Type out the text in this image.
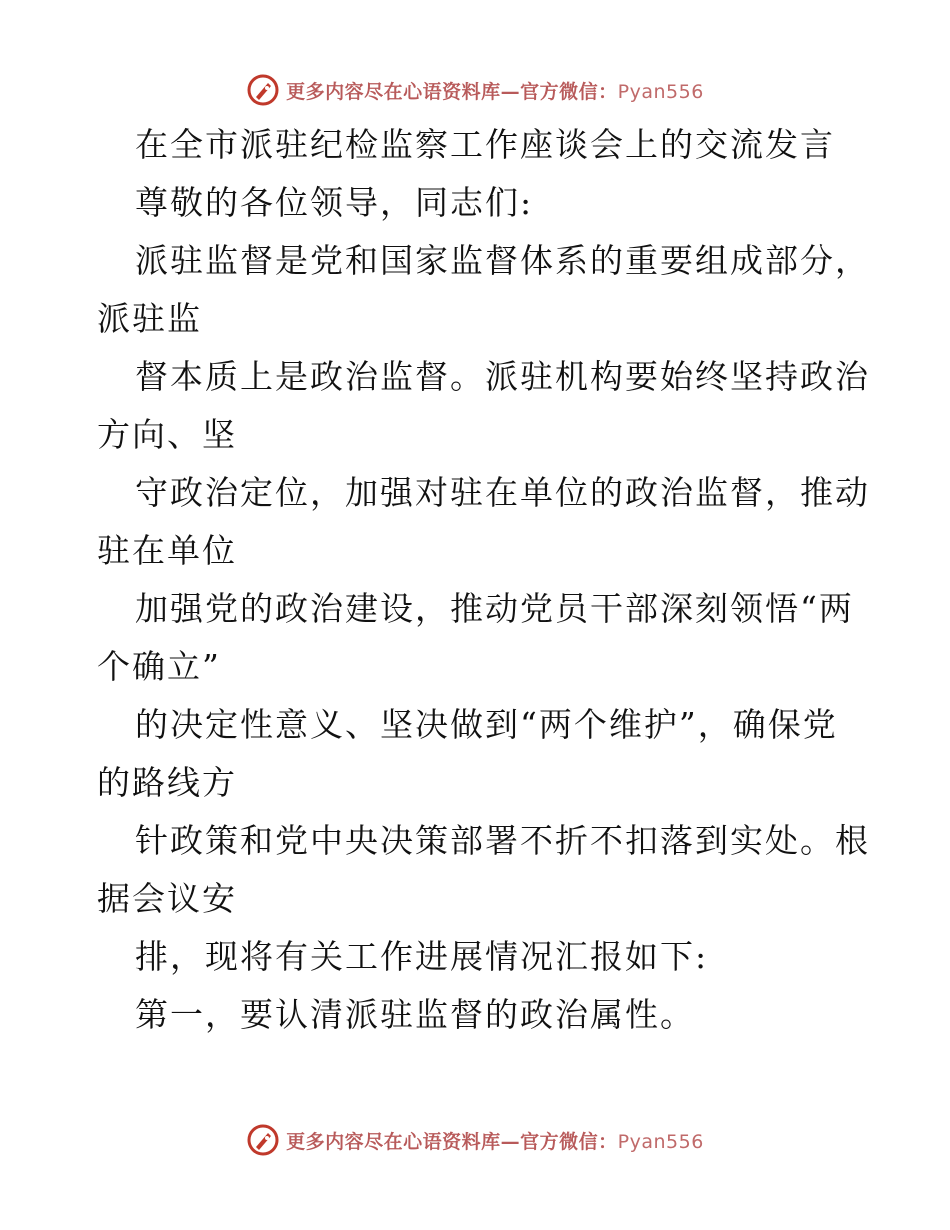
更多内容尽在心语资料库—官方微信：Pyan556
在全市派驻纪检监察工作座谈会上的交流发言
尊敬的各位领导，同志们:
派驻监督是党和国家监督体系的重要组成部分，
派驻监
督本质上是政治监督。派驻机构要始终坚持政治
方向、坚
守政治定位，加强对驻在单位的政治监督，推动
驻在单位
加强党的政治建设，推动党员干部深刻领悟“两
个确立”
的决定性意义、坚决做到“两个维护”，确保党
的路线方
针政策和党中央决策部署不折不扣落到实处。根
据会议安
排，现将有关工作进展情况汇报如下:
第一，要认清派驻监督的政治属性。
更多内容尽在心语资料库—官方微信：Pyan556
